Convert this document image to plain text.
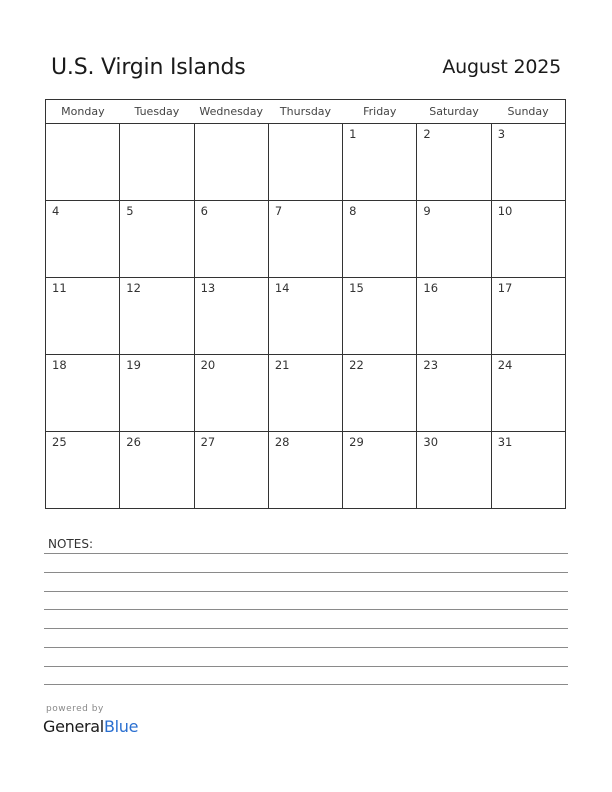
U.S. Virgin Islands	August 2025
Monday	Tuesday	Wednesday	Thursday	Friday	Saturday	Sunday

				1	2	3

4	5	6	7	8	9	10

11	12	13	14	15	16	17

18	19	20	21	22	23	24

25	26	27	28	29	30	31
NOTES:
powered by
GeneralBlue
